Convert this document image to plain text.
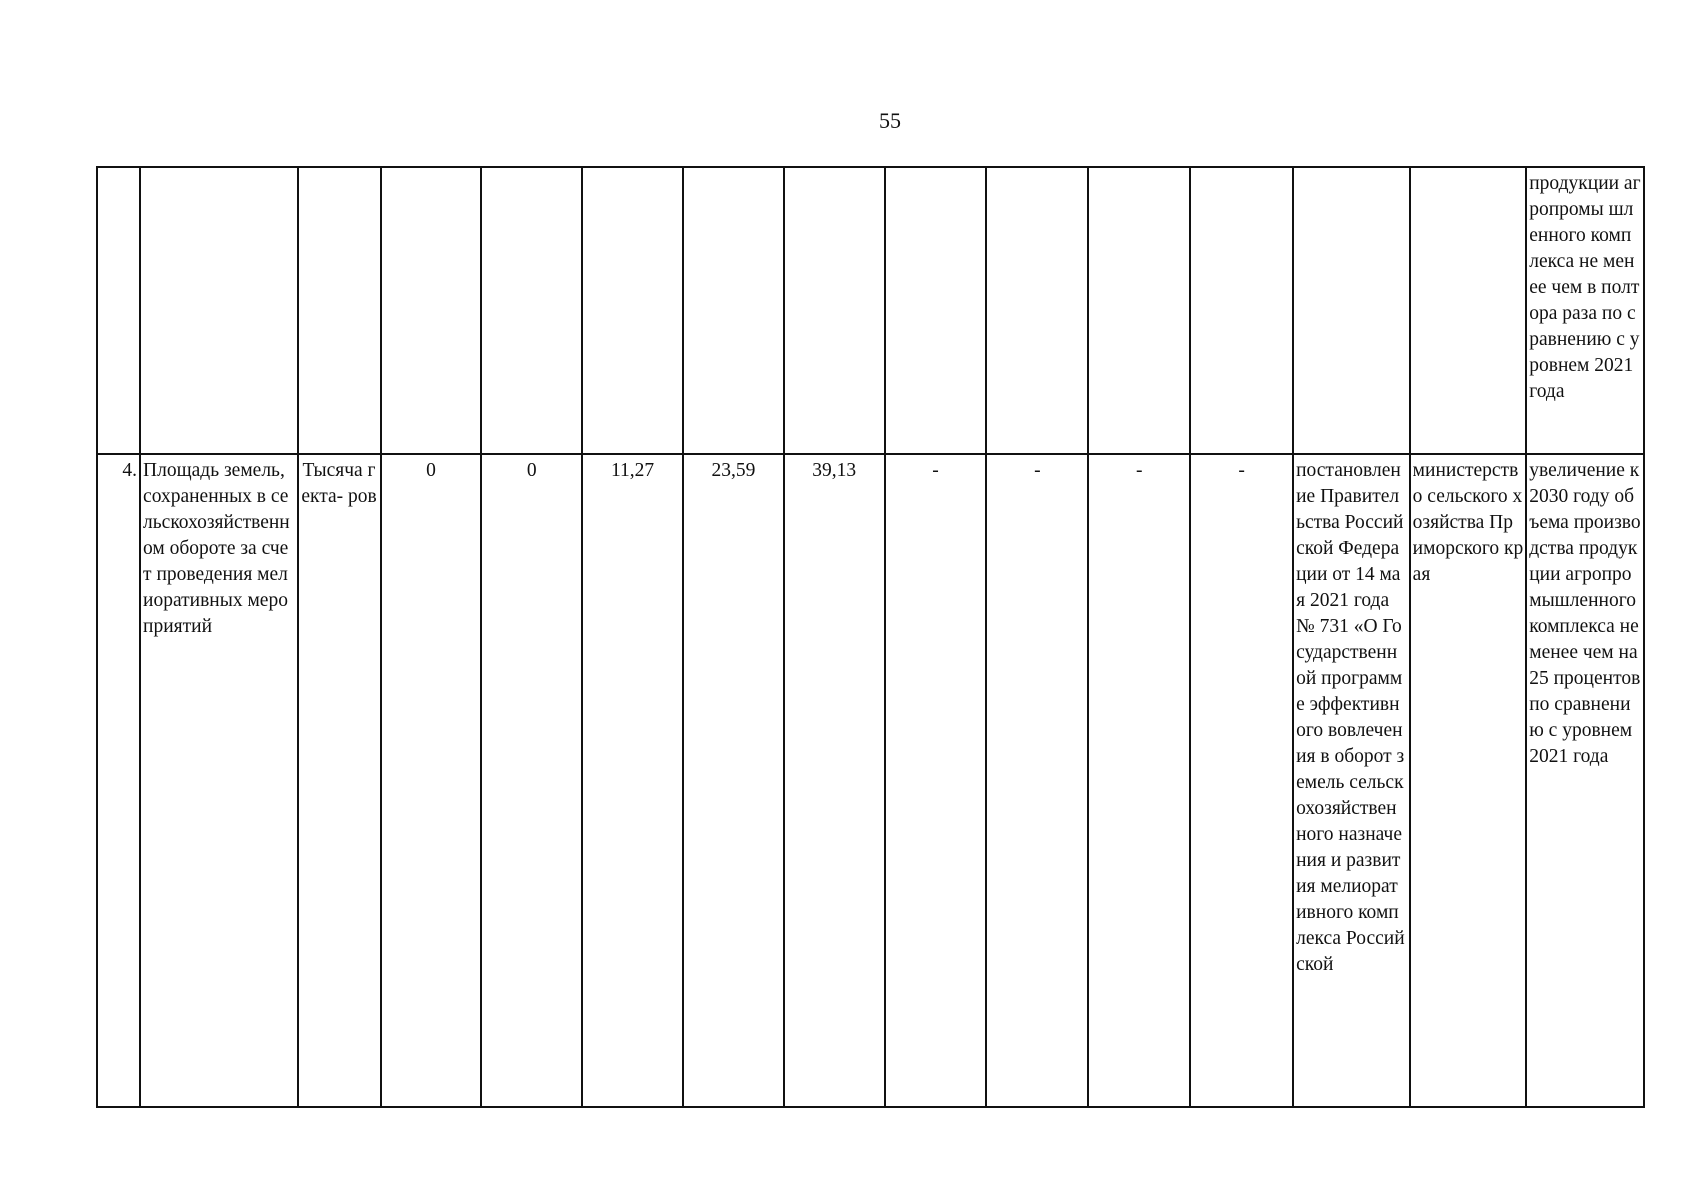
55
														продукции агропромы шленного комплекса не менее чем в полтора раза по сравнению с уровнем 2021 года
4.	Площадь земель, сохраненных в сельскохозяйственном обороте за счет проведения мелиоративных мероприятий	Тысяча гекта- ров	0	0	11,27	23,59	39,13	-	-	-	-	постановление Правительства Российской Федерации от 14 мая 2021 года № 731 «О Государственной программе эффективного вовлечения в оборот земель сельскохозяйственного назначения и развития мелиоративного комплекса Российской	министерство сельского хозяйства Приморского края	увеличение к 2030 году объема производства продукции агропромышленного комплекса не менее чем на 25 процентов по сравнению с уровнем 2021 года
